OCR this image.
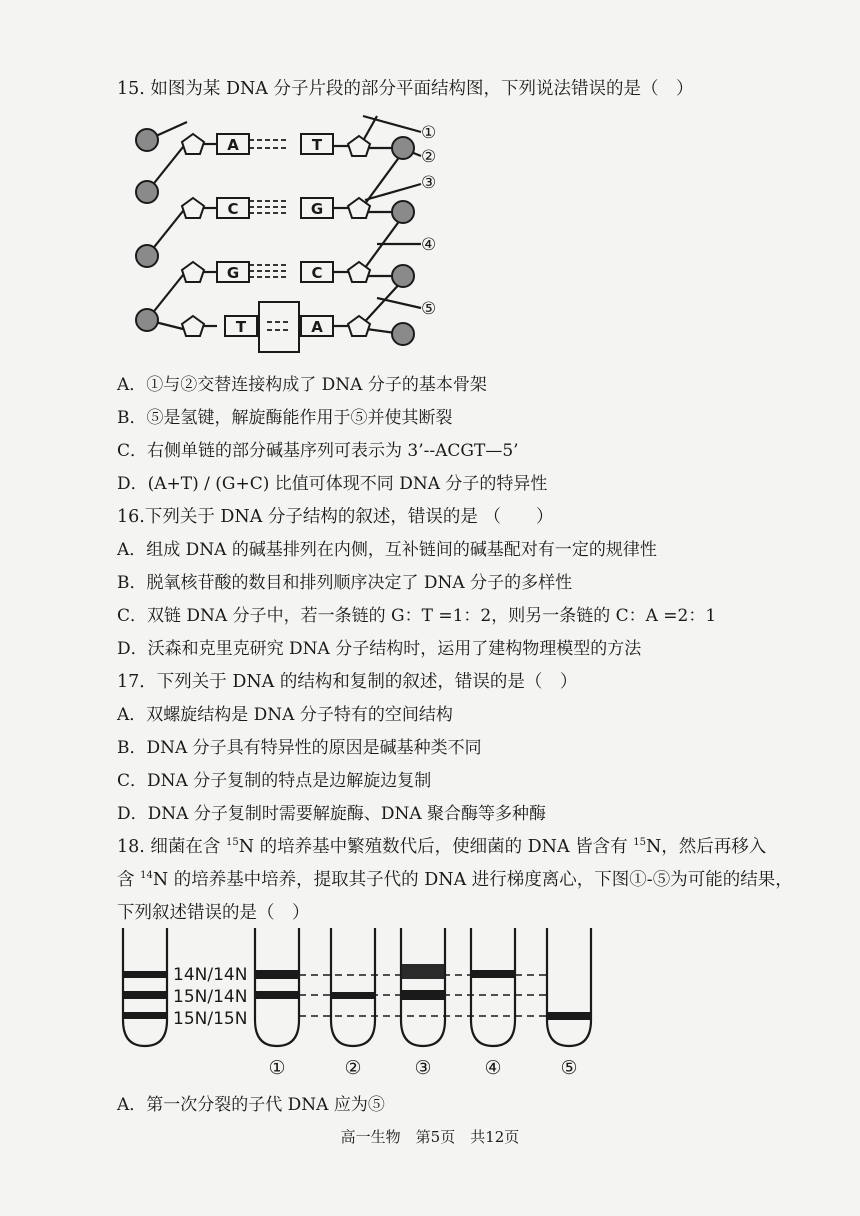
15. 如图为某 DNA 分子片段的部分平面结构图，下列说法错误的是（　）
A
C
G
T
T
G
C
A
①
②
③
④
⑤
A．①与②交替连接构成了 DNA 分子的基本骨架
B．⑤是氢键，解旋酶能作用于⑤并使其断裂
C．右侧单链的部分碱基序列可表示为 3’--ACGT—5’
D．(A+T) / (G+C) 比值可体现不同 DNA 分子的特异性
16.下列关于 DNA 分子结构的叙述，错误的是 （　　）
A．组成 DNA 的碱基排列在内侧，互补链间的碱基配对有一定的规律性
B．脱氧核苷酸的数目和排列顺序决定了 DNA 分子的多样性
C．双链 DNA 分子中，若一条链的 G：T =1：2，则另一条链的 C：A =2：1
D．沃森和克里克研究 DNA 分子结构时，运用了建构物理模型的方法
17．下列关于 DNA 的结构和复制的叙述，错误的是（　）
A．双螺旋结构是 DNA 分子特有的空间结构
B．DNA 分子具有特异性的原因是碱基种类不同
C．DNA 分子复制的特点是边解旋边复制
D．DNA 分子复制时需要解旋酶、DNA 聚合酶等多种酶
18. 细菌在含 $^{15}$N 的培养基中繁殖数代后，使细菌的 DNA 皆含有 $^{15}$N，然后再移入
含 $^{14}$N 的培养基中培养，提取其子代的 DNA 进行梯度离心，下图①-⑤为可能的结果，
下列叙述错误的是（　）
14N/14N
15N/14N
15N/15N
①	②	③	④	⑤
A．第一次分裂的子代 DNA 应为⑤
高一生物　第5页　共12页
